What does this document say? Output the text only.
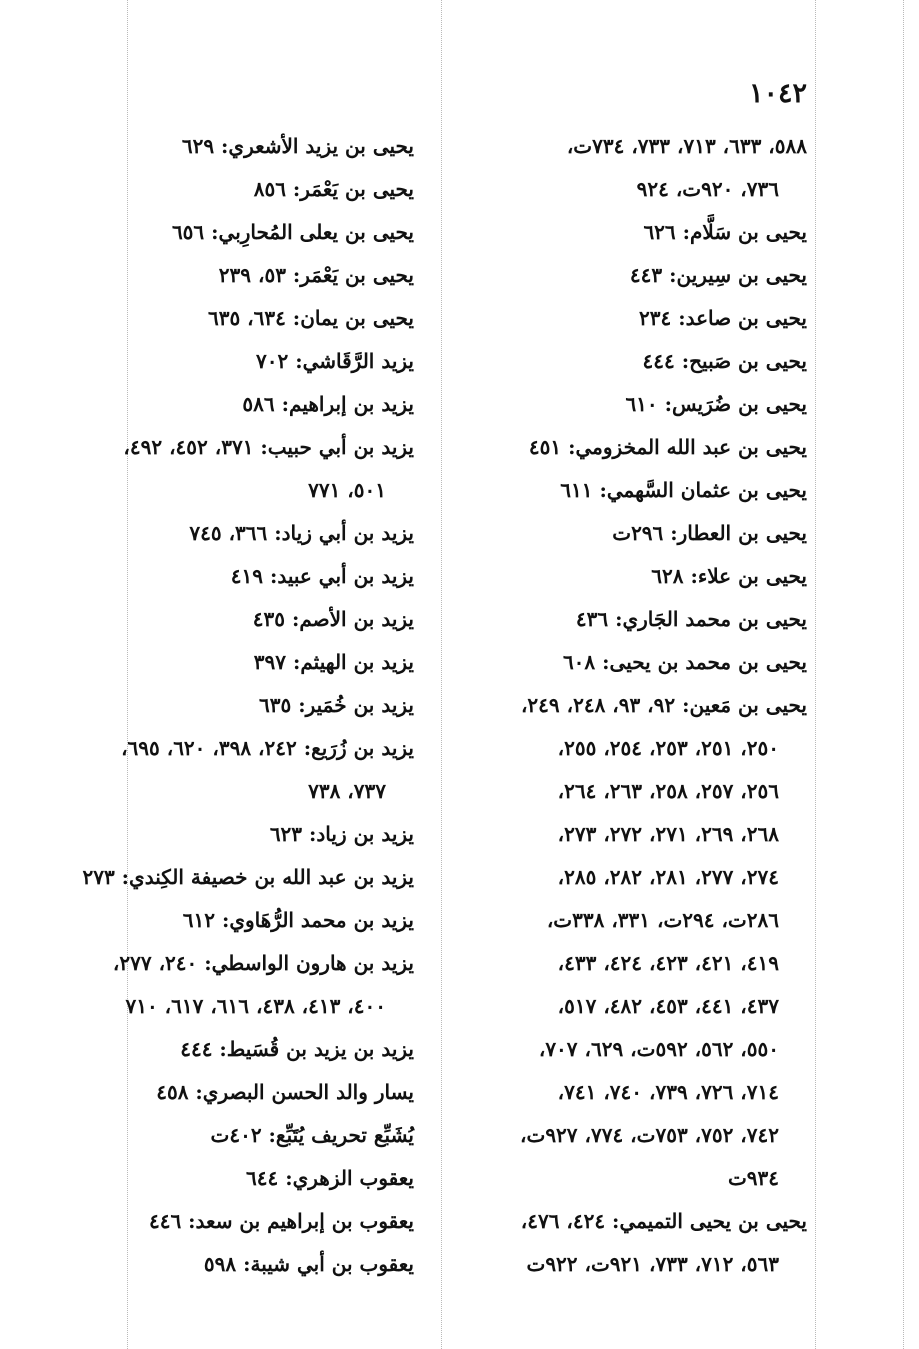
١٠٤٢
٥٨٨، ٦٣٣، ٧١٣، ٧٣٣، ٧٣٤ت،
٧٣٦، ٩٢٠ت، ٩٢٤
يحيى بن سَلَّام: ٦٢٦
يحيى بن سِيرين: ٤٤٣
يحيى بن صاعد: ٢٣٤
يحيى بن صَبيح: ٤٤٤
يحيى بن ضُرَيس: ٦١٠
يحيى بن عبد الله المخزومي: ٤٥١
يحيى بن عثمان السَّهمي: ٦١١
يحيى بن العطار: ٢٩٦ت
يحيى بن علاء: ٦٢٨
يحيى بن محمد الجَاري: ٤٣٦
يحيى بن محمد بن يحيى: ٦٠٨
يحيى بن مَعين: ٩٢، ٩٣، ٢٤٨، ٢٤٩،
٢٥٠، ٢٥١، ٢٥٣، ٢٥٤، ٢٥٥،
٢٥٦، ٢٥٧، ٢٥٨، ٢٦٣، ٢٦٤،
٢٦٨، ٢٦٩، ٢٧١، ٢٧٢، ٢٧٣،
٢٧٤، ٢٧٧، ٢٨١، ٢٨٢، ٢٨٥،
٢٨٦ت، ٢٩٤ت، ٣٣١، ٣٣٨ت،
٤١٩، ٤٢١، ٤٢٣، ٤٢٤، ٤٣٣،
٤٣٧، ٤٤١، ٤٥٣، ٤٨٢، ٥١٧،
٥٥٠، ٥٦٢، ٥٩٢ت، ٦٢٩، ٧٠٧،
٧١٤، ٧٢٦، ٧٣٩، ٧٤٠، ٧٤١،
٧٤٢، ٧٥٢، ٧٥٣ت، ٧٧٤، ٩٢٧ت،
٩٣٤ت
يحيى بن يحيى التميمي: ٤٢٤، ٤٧٦،
٥٦٣، ٧١٢، ٧٣٣، ٩٢١ت، ٩٢٢ت
يحيى بن يزيد الأشعري: ٦٢٩
يحيى بن يَعْمَر: ٨٥٦
يحيى بن يعلى المُحارِبي: ٦٥٦
يحيى بن يَعْمَر: ٥٣، ٢٣٩
يحيى بن يمان: ٦٣٤، ٦٣٥
يزيد الرَّقَاشي: ٧٠٢
يزيد بن إبراهيم: ٥٨٦
يزيد بن أبي حبيب: ٣٧١، ٤٥٢، ٤٩٢،
٥٠١، ٧٧١
يزيد بن أبي زياد: ٣٦٦، ٧٤٥
يزيد بن أبي عبيد: ٤١٩
يزيد بن الأصم: ٤٣٥
يزيد بن الهيثم: ٣٩٧
يزيد بن خُمَير: ٦٣٥
يزيد بن زُرَيع: ٢٤٢، ٣٩٨، ٦٢٠، ٦٩٥،
٧٣٧، ٧٣٨
يزيد بن زياد: ٦٢٣
يزيد بن عبد الله بن خصيفة الكِندي: ٢٧٣
يزيد بن محمد الرُّهَاوي: ٦١٢
يزيد بن هارون الواسطي: ٢٤٠، ٢٧٧،
٤٠٠، ٤١٣، ٤٣٨، ٦١٦، ٦١٧، ٧١٠
يزيد بن يزيد بن قُسَيط: ٤٤٤
يسار والد الحسن البصري: ٤٥٨
يُشَبِّع تحريف يُتَبِّع: ٤٠٢ت
يعقوب الزهري: ٦٤٤
يعقوب بن إبراهيم بن سعد: ٤٤٦
يعقوب بن أبي شيبة: ٥٩٨
